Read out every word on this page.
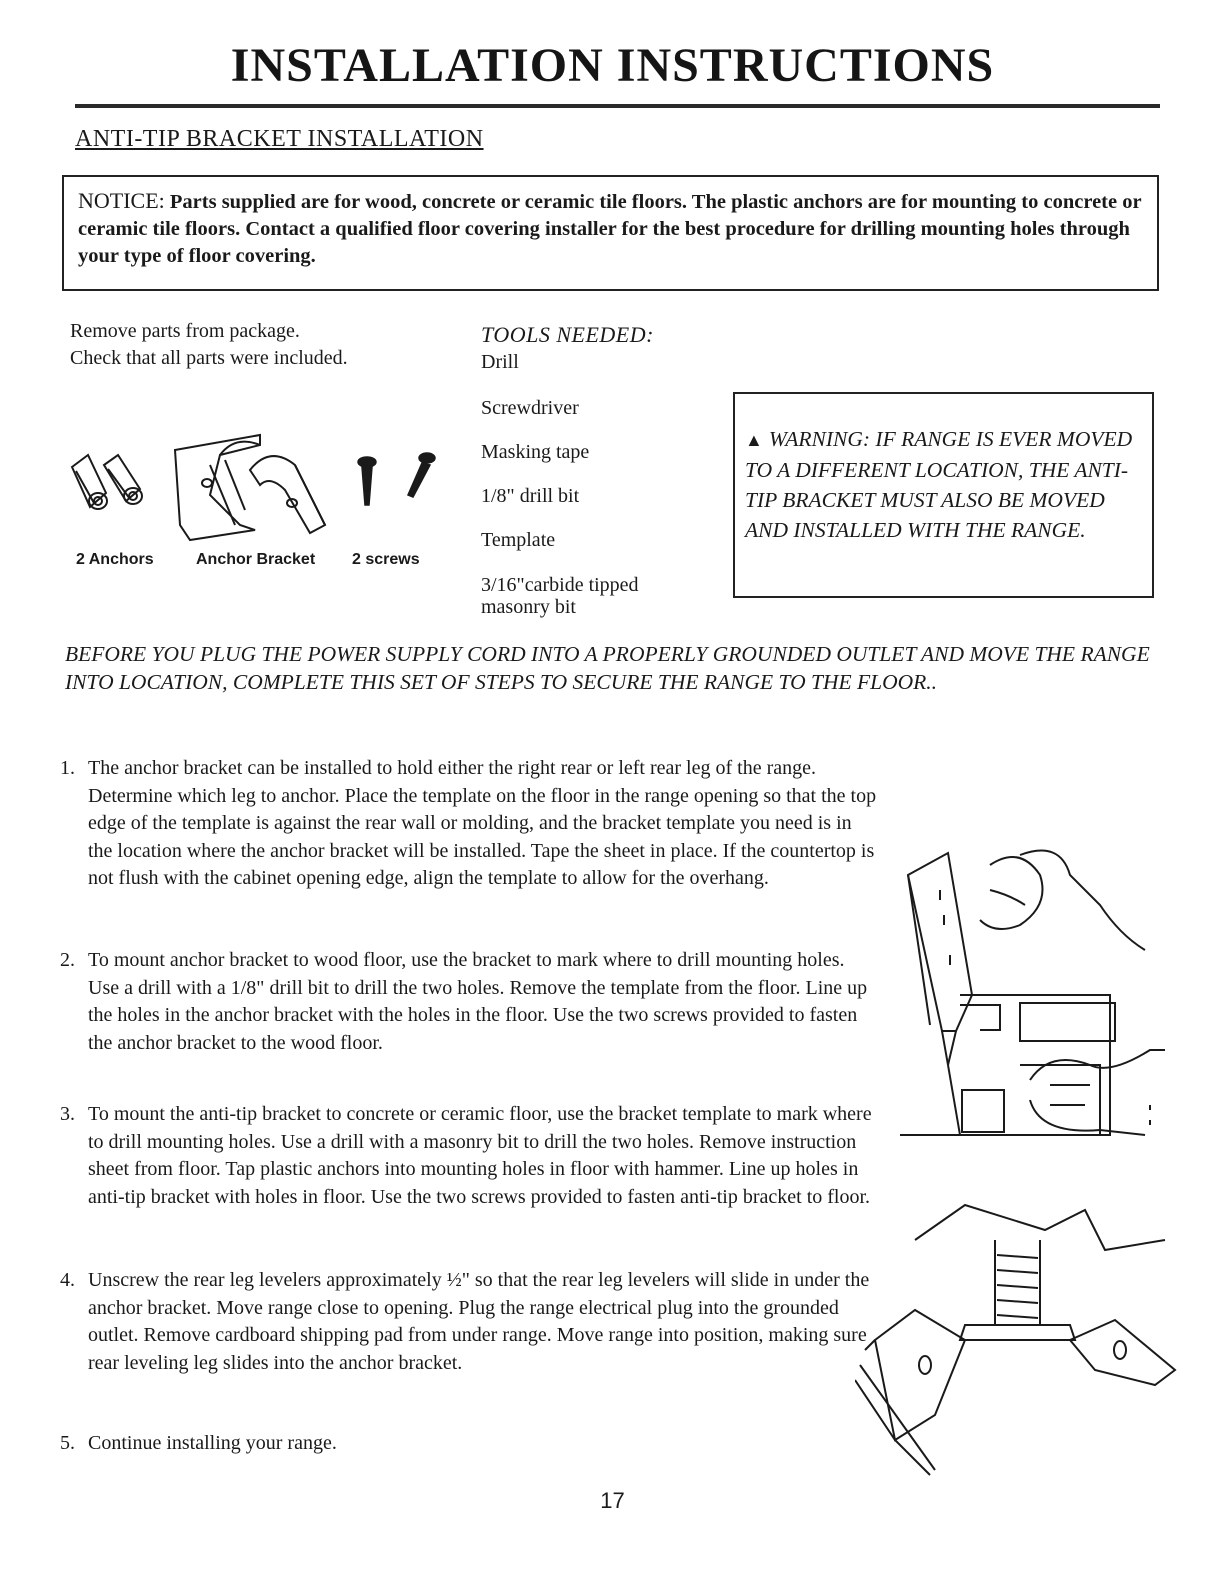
INSTALLATION INSTRUCTIONS
ANTI-TIP BRACKET INSTALLATION
NOTICE: Parts supplied are for wood, concrete or ceramic tile floors. The plastic anchors are for mounting to concrete or ceramic tile floors. Contact a qualified floor covering installer for the best procedure for drilling mounting holes through your type of floor covering.
Remove parts from package.
Check that all parts were included.
2 Anchors	Anchor Bracket 2 screws
TOOLS NEEDED:
Drill
Screwdriver
Masking tape
1/8" drill bit
Template
3/16"carbide tipped
masonry bit
▲ WARNING: IF RANGE IS EVER MOVED TO A DIFFERENT LOCATION, THE ANTI-TIP BRACKET MUST ALSO BE MOVED AND INSTALLED WITH THE RANGE.
BEFORE YOU PLUG THE POWER SUPPLY CORD INTO A PROPERLY GROUNDED OUTLET AND MOVE THE RANGE INTO LOCATION, COMPLETE THIS SET OF STEPS TO SECURE THE RANGE TO THE FLOOR..
1. The anchor bracket can be installed to hold either the right rear or left rear leg of the range. Determine which leg to anchor. Place the template on the floor in the range opening so that the top edge of the template is against the rear wall or molding, and the bracket template you need is in the location where the anchor bracket will be installed. Tape the sheet in place. If the countertop is not flush with the cabinet opening edge, align the template to allow for the overhang.
2. To mount anchor bracket to wood floor, use the bracket to mark where to drill mounting holes. Use a drill with a 1/8" drill bit to drill the two holes. Remove the template from the floor. Line up the holes in the anchor bracket with the holes in the floor. Use the two screws provided to fasten the anchor bracket to the wood floor.
3. To mount the anti-tip bracket to concrete or ceramic floor, use the bracket template to mark where to drill mounting holes. Use a drill with a masonry bit to drill the two holes. Remove instruction sheet from floor. Tap plastic anchors into mounting holes in floor with hammer. Line up holes in anti-tip bracket with holes in floor. Use the two screws provided to fasten anti-tip bracket to floor.
4. Unscrew the rear leg levelers approximately ½" so that the rear leg levelers will slide in under the anchor bracket. Move range close to opening. Plug the range electrical plug into the grounded outlet. Remove cardboard shipping pad from under range. Move range into position, making sure rear leveling leg slides into the anchor bracket.
5. Continue installing your range.
17
